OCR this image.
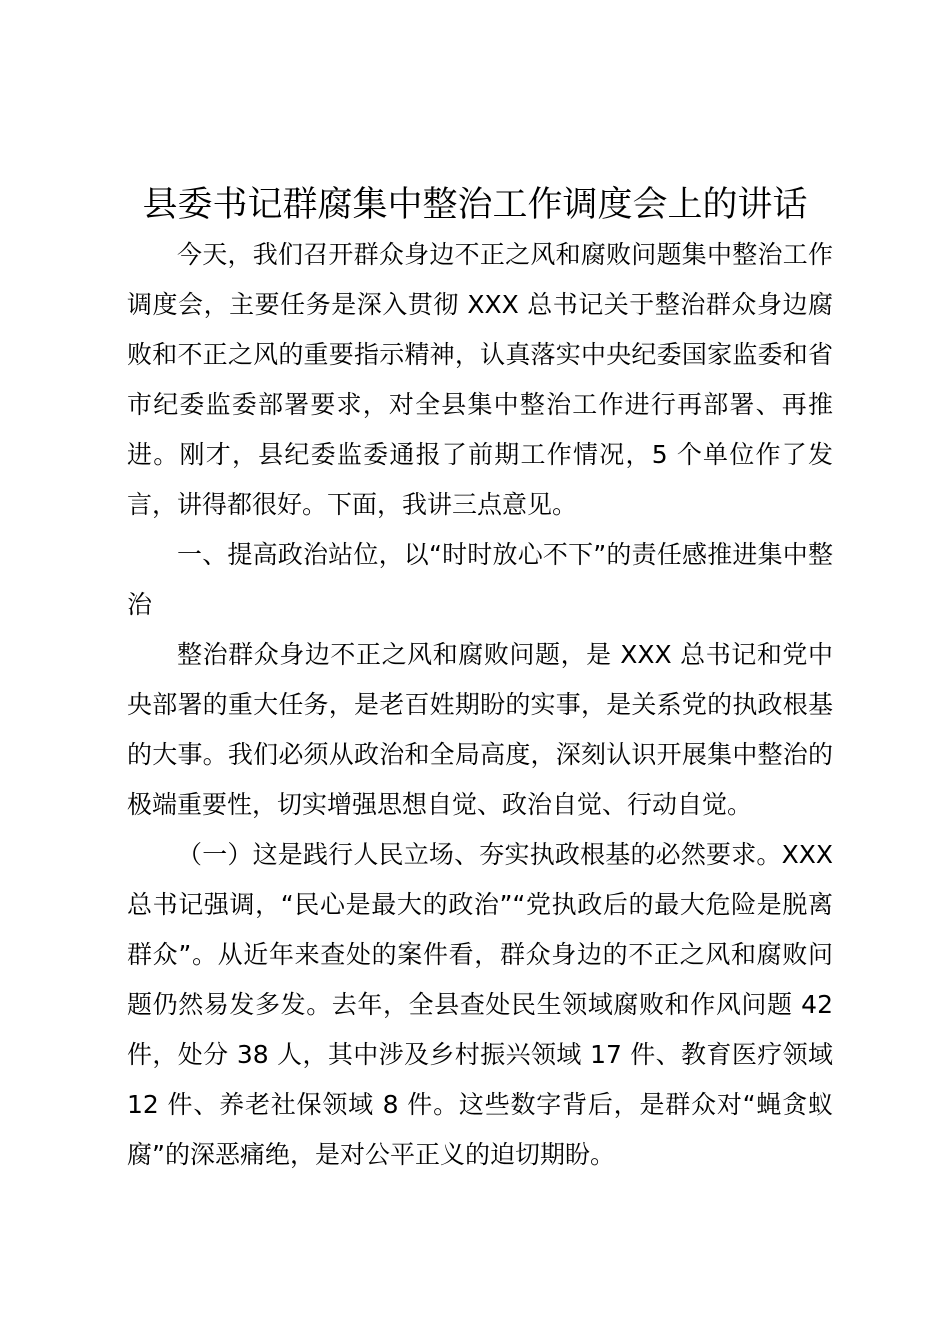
县委书记群腐集中整治工作调度会上的讲话

今天，我们召开群众身边不正之风和腐败问题集中整治工作调度会，主要任务是深入贯彻 XXX 总书记关于整治群众身边腐败和不正之风的重要指示精神，认真落实中央纪委国家监委和省市纪委监委部署要求，对全县集中整治工作进行再部署、再推进。刚才，县纪委监委通报了前期工作情况，5 个单位作了发言，讲得都很好。下面，我讲三点意见。

一、提高政治站位，以“时时放心不下”的责任感推进集中整治

整治群众身边不正之风和腐败问题，是 XXX 总书记和党中央部署的重大任务，是老百姓期盼的实事，是关系党的执政根基的大事。我们必须从政治和全局高度，深刻认识开展集中整治的极端重要性，切实增强思想自觉、政治自觉、行动自觉。

（一）这是践行人民立场、夯实执政根基的必然要求。XXX 总书记强调，“民心是最大的政治”“党执政后的最大危险是脱离群众”。从近年来查处的案件看，群众身边的不正之风和腐败问题仍然易发多发。去年，全县查处民生领域腐败和作风问题 42 件，处分 38 人，其中涉及乡村振兴领域 17 件、教育医疗领域 12 件、养老社保领域 8 件。这些数字背后，是群众对“蝇贪蚁腐”的深恶痛绝，是对公平正义的迫切期盼。
